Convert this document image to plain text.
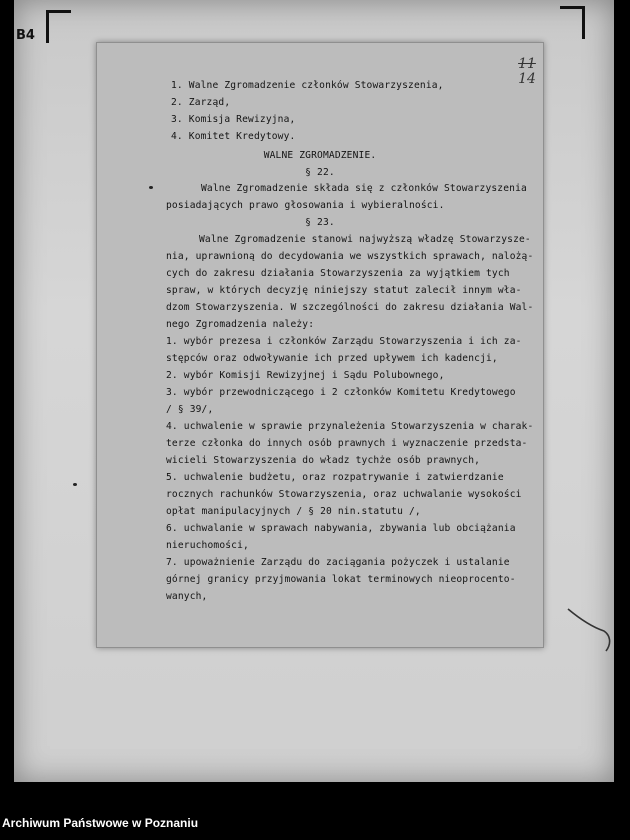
B4
11
14
1. Walne Zgromadzenie członków Stowarzyszenia,
2. Zarząd,
3. Komisja Rewizyjna,
4. Komitet Kredytowy.
WALNE ZGROMADZENIE.
§ 22.
Walne Zgromadzenie składa się z członków Stowarzyszenia
posiadających prawo głosowania i wybieralności.
§ 23.
Walne Zgromadzenie stanowi najwyższą władzę Stowarzysze-
nia, uprawnioną do decydowania we wszystkich sprawach, nalożą-
cych do zakresu działania Stowarzyszenia za wyjątkiem tych
spraw, w których decyzję niniejszy statut zalecił innym wła-
dzom Stowarzyszenia. W szczególności do zakresu działania Wal-
nego Zgromadzenia należy:
1. wybór prezesa i członków Zarządu Stowarzyszenia i ich za-
stępców oraz odwoływanie ich przed upływem ich kadencji,
2. wybór Komisji Rewizyjnej i Sądu Polubownego,
3. wybór przewodniczącego i 2 członków Komitetu Kredytowego
/ § 39/,
4. uchwalenie w sprawie przynależenia Stowarzyszenia w charak-
terze członka do innych osób prawnych i wyznaczenie przedsta-
wicieli Stowarzyszenia do władz tychże osób prawnych,
5. uchwalenie budżetu, oraz rozpatrywanie i zatwierdzanie
rocznych rachunków Stowarzyszenia, oraz uchwalanie wysokości
opłat manipulacyjnych / § 20 nin.statutu /,
6. uchwalanie w sprawach nabywania, zbywania lub obciążania
nieruchomości,
7. upoważnienie Zarządu do zaciągania pożyczek i ustalanie
górnej granicy przyjmowania lokat terminowych nieoprocento-
wanych,
Archiwum Państwowe w Poznaniu
